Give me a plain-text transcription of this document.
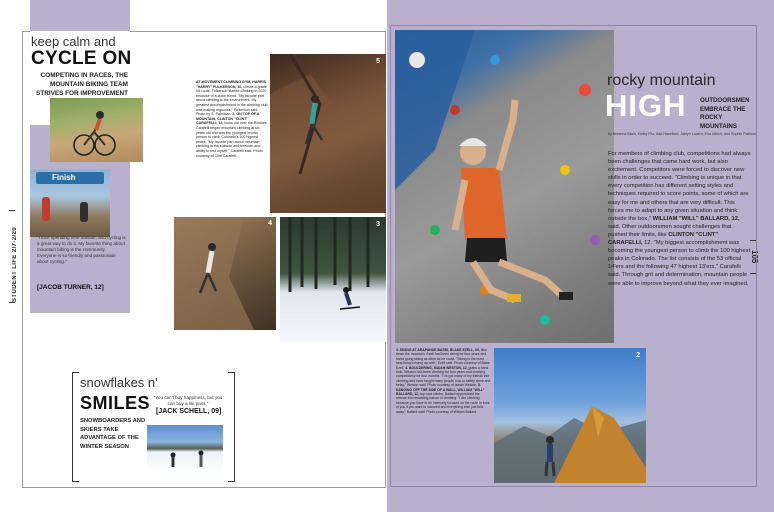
keep calm and
CYCLE ON
COMPETING IN RACES, THE MOUNTAIN BIKING TEAM STRIVES FOR IMPROVEMENT
Finish
STUDENT LIFE 2/7-2/20	"I love spending time outside, and cycling is a great way to do it. My favorite thing about mountain biking is the community. Everyone is so friendly and passionate about cycling."
[JACOB TURNER, 12]
AT MOVEMENT CLIMBING GYM, HARRIS "HARRY" FULKERSON, 10, climbs a grade V6 route. Fulkerson started climbing in 2020 because of a close friend. "My favorite part about climbing is the environment. My greatest accomplishment in the climbing club was making regionals," Fulkerson said. Photo by S. Palmisan. 2. ON TOP OF A MOUNTAIN, CLINTON "CLINT" CARAFELLI, 12, looks out over the Rockies. Carafelli began mountain climbing at six years old and was the youngest known person to climb Colorado's 100 highest peaks. "My favorite part about mountain climbing is the solitude and freedom and ability to test myself," Carafelli said. Photo courtesy of Clint Carafelli.
5
4	3
snowflakes n'
SMILES
SNOWBOARDERS AND SKIERS TAKE ADVANTAGE OF THE WINTER SEASON
"You can't buy happiness, but you can buy a ski pass."
[JACK SCHELL, 09]
rocky mountain
HIGH OUTDOORSMEN EMBRACE THE ROCKY MOUNTAINS
by Breanna Bach, Kelley Fitz, Ada Hazeltied, Jaelyn Lucero, Eva Ultrich, and Sophie Palliman
For members of climbing club, competitions had always been challenges that came hard work, but also excitement. Competitors were forced to discover new skills in order to succeed. "Climbing is unique in that every competition has different setting styles and techniques required to score points, some of which are easy for me and others that are very difficult. This forces me to adapt to any given situation and think outside the box," WILLIAM "WILL" BALLARD, 12, said. Other outdoorsmen sought challenges that pushed their limits, like CLINTON "CLINT" CARAFELLI, 12. "My biggest accomplishment was becoming the youngest person to climb the 100 highest peaks in Colorado. The list consists of the 53 official 14'ers and the following 47 highest 13'ers," Carafelli said. Through grit and determination, mountain people were able to improve beyond what they ever imagined.
105
3. SKIING AT ARAPAHOE BASIN, BLAKE EZELL, 09, flies down the mountain. Ezell had been skiing for four years and loved going skiing as often as he could. "Skiing is the most best thing to hang up with," Ezell said. Photo courtesy of Blake Ezell. 4. BOULDERING, ISAIAH WESTON, 12, grabs a hand hold. Weston had been climbing for four years and climbing competitively for four months. "I've got many of my friends into climbing and have taught many people how to safely climb and belay," Weston said. Photo courtesy of Isaiah Weston. 5. HANGING OFF THE SIDE OF A WALL, WILLIAM "WILL" BALLARD, 12, top rope climbs. Ballard appreciated the intense but rewarding nature of climbing. "I like climbing because you have to be intensely focused on the route in front of you if you want to succeed and everything else just falls away," Ballard said. Photo courtesy of William Ballard.
2
